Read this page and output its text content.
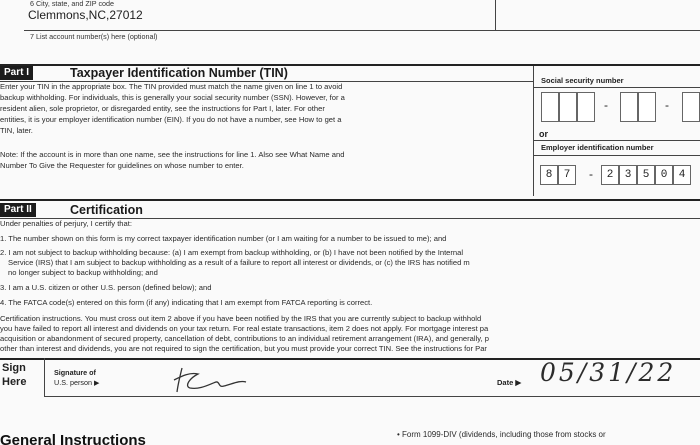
6 City, state, and ZIP code
Clemmons,NC,27012
7 List account number(s) here (optional)
Part I	Taxpayer Identification Number (TIN)
Enter your TIN in the appropriate box. The TIN provided must match the name given on line 1 to avoid
backup withholding. For individuals, this is generally your social security number (SSN). However, for a
resident alien, sole proprietor, or disregarded entity, see the instructions for Part I, later. For other
entities, it is your employer identification number (EIN). If you do not have a number, see How to get a
TIN, later.
Note: If the account is in more than one name, see the instructions for line 1. Also see What Name and
Number To Give the Requester for guidelines on whose number to enter.
Social security number
-	-
or
Employer identification number
8	7	-	2	3	5	0	4
Part II	Certification
Under penalties of perjury, I certify that:
1. The number shown on this form is my correct taxpayer identification number (or I am waiting for a number to be issued to me); and
2. I am not subject to backup withholding because: (a) I am exempt from backup withholding, or (b) I have not been notified by the Internal
Service (IRS) that I am subject to backup withholding as a result of a failure to report all interest or dividends, or (c) the IRS has notified m
no longer subject to backup withholding; and
3. I am a U.S. citizen or other U.S. person (defined below); and
4. The FATCA code(s) entered on this form (if any) indicating that I am exempt from FATCA reporting is correct.
Certification instructions. You must cross out item 2 above if you have been notified by the IRS that you are currently subject to backup withhold
you have failed to report all interest and dividends on your tax return. For real estate transactions, item 2 does not apply. For mortgage interest pa
acquisition or abandonment of secured property, cancellation of debt, contributions to an individual retirement arrangement (IRA), and generally, p
other than interest and dividends, you are not required to sign the certification, but you must provide your correct TIN. See the instructions for Par
Sign
Here
Signature of
U.S. person ▶	Date ▶ 05/31/22
General Instructions	• Form 1099-DIV (dividends, including those from stocks or
